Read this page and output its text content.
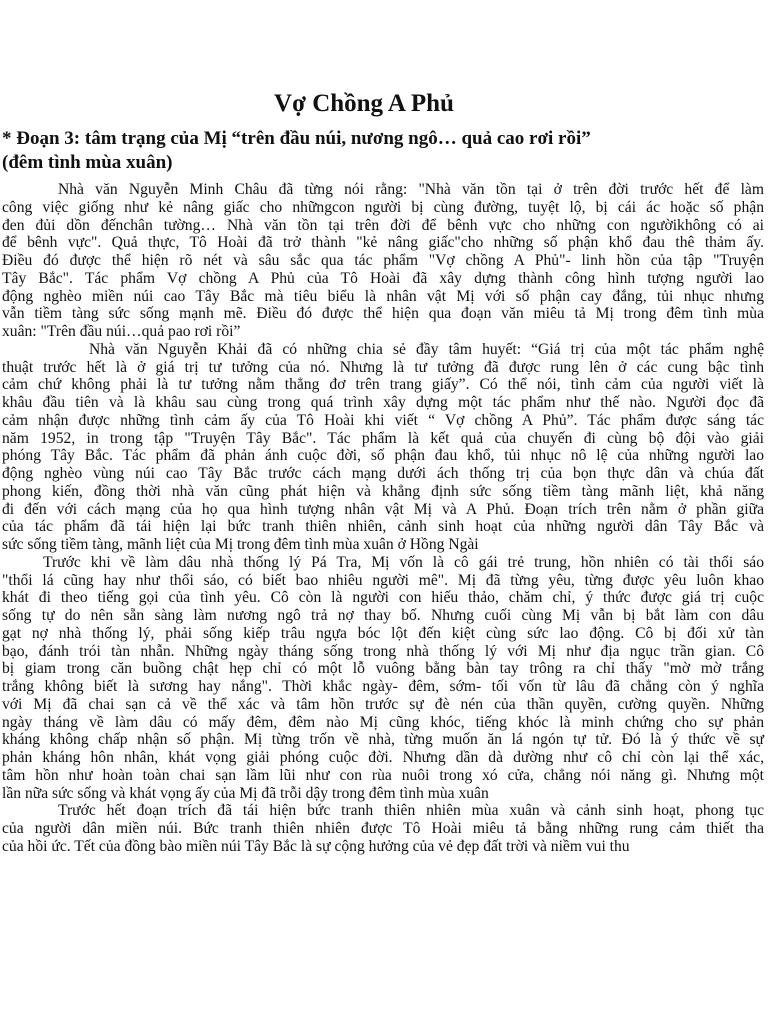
Vợ Chồng A Phủ
* Đoạn 3: tâm trạng của Mị “trên đầu núi, nương ngô… quả cao rơi rồi”
(đêm tình mùa xuân)
Nhà văn Nguyễn Minh Châu đã từng nói rằng: "Nhà văn tồn tại ở trên đời trước hết để làm
công việc giống như kẻ nâng giấc cho nhữngcon người bị cùng đường, tuyệt lộ, bị cái ác hoặc số phận
đen đủi dồn đếnchân tường… Nhà văn tồn tại trên đời để bênh vực cho những con ngườikhông có ai
để bênh vực". Quả thực, Tô Hoài đã trở thành "kẻ nâng giấc"cho những số phận khổ đau thê thảm ấy.
Điều đó được thể hiện rõ nét và sâu sắc qua tác phẩm "Vợ chồng A Phủ"- linh hồn của tập "Truyện
Tây Bắc". Tác phẩm Vợ chồng A Phủ của Tô Hoài đã xây dựng thành công hình tượng người lao
động nghèo miền núi cao Tây Bắc mà tiêu biểu là nhân vật Mị với số phận cay đắng, tủi nhục nhưng
vẫn tiềm tàng sức sống mạnh mẽ. Điều đó được thể hiện qua đoạn văn miêu tả Mị trong đêm tình mùa
xuân: "Trên đầu núi…quả pao rơi rồi”
Nhà văn Nguyễn Khải đã có những chia sẻ đầy tâm huyết: “Giá trị của một tác phẩm nghệ
thuật trước hết là ở giá trị tư tưởng của nó. Nhưng là tư tưởng đã được rung lên ở các cung bậc tình
cảm chứ không phải là tư tưởng nằm thẳng đơ trên trang giấy”. Có thể nói, tình cảm của người viết là
khâu đầu tiên và là khâu sau cùng trong quá trình xây dựng một tác phẩm như thế nào. Người đọc đã
cảm nhận được những tình cảm ấy của Tô Hoài khi viết “ Vợ chồng A Phủ”. Tác phẩm được sáng tác
năm 1952, in trong tập "Truyện Tây Bắc". Tác phẩm là kết quả của chuyến đi cùng bộ đội vào giải
phóng Tây Bắc. Tác phẩm đã phản ánh cuộc đời, số phận đau khổ, tủi nhục nô lệ của những người lao
động nghèo vùng núi cao Tây Bắc trước cách mạng dưới ách thống trị của bọn thực dân và chúa đất
phong kiến, đồng thời nhà văn cũng phát hiện và khẳng định sức sống tiềm tàng mãnh liệt, khả năng
đi đến với cách mạng của họ qua hình tượng nhân vật Mị và A Phủ. Đoạn trích trên nằm ở phần giữa
của tác phẩm đã tái hiện lại bức tranh thiên nhiên, cảnh sinh hoạt của những người dân Tây Bắc và
sức sống tiềm tàng, mãnh liệt của Mị trong đêm tình mùa xuân ở Hồng Ngài
Trước khi về làm dâu nhà thống lý Pá Tra, Mị vốn là cô gái trẻ trung, hồn nhiên có tài thổi sáo
"thổi lá cũng hay như thổi sáo, có biết bao nhiêu người mê". Mị đã từng yêu, từng được yêu luôn khao
khát đi theo tiếng gọi của tình yêu. Cô còn là người con hiếu thảo, chăm chỉ, ý thức được giá trị cuộc
sống tự do nên sẵn sàng làm nương ngô trả nợ thay bố. Nhưng cuối cùng Mị vẫn bị bắt làm con dâu
gạt nợ nhà thống lý, phải sống kiếp trâu ngựa bóc lột đến kiệt cùng sức lao động. Cô bị đối xử tàn
bạo, đánh trói tàn nhẫn. Những ngày tháng sống trong nhà thống lý với Mị như địa ngục trần gian. Cô
bị giam trong căn buồng chật hẹp chỉ có một lỗ vuông bằng bàn tay trông ra chỉ thấy "mờ mờ trắng
trắng không biết là sương hay nắng". Thời khắc ngày- đêm, sớm- tối vốn từ lâu đã chẳng còn ý nghĩa
với Mị đã chai sạn cả về thể xác và tâm hồn trước sự đè nén của thần quyền, cường quyền. Những
ngày tháng về làm dâu có mấy đêm, đêm nào Mị cũng khóc, tiếng khóc là minh chứng cho sự phản
kháng không chấp nhận số phận. Mị từng trốn về nhà, từng muốn ăn lá ngón tự tử. Đó là ý thức về sự
phản kháng hôn nhân, khát vọng giải phóng cuộc đời. Nhưng dần dà dường như cô chỉ còn lại thể xác,
tâm hồn như hoàn toàn chai sạn lầm lũi như con rùa nuôi trong xó cửa, chẳng nói năng gì. Nhưng một
lần nữa sức sống và khát vọng ấy của Mị đã trỗi dậy trong đêm tình mùa xuân
Trước hết đoạn trích đã tái hiện bức tranh thiên nhiên mùa xuân và cảnh sinh hoạt, phong tục
của người dân miền núi. Bức tranh thiên nhiên được Tô Hoài miêu tả bằng những rung cảm thiết tha
của hồi ức. Tết của đồng bào miền núi Tây Bắc là sự cộng hưởng của vẻ đẹp đất trời và niềm vui thu
